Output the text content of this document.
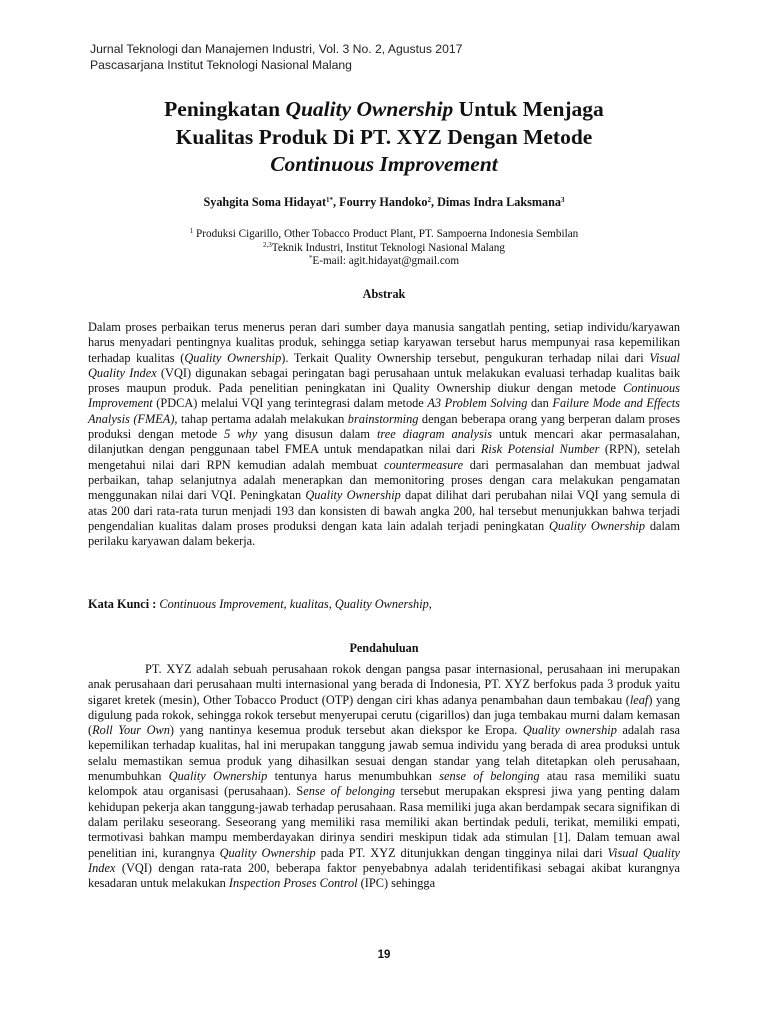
Jurnal Teknologi dan Manajemen Industri, Vol. 3 No. 2, Agustus 2017
Pascasarjana Institut Teknologi Nasional Malang
Peningkatan Quality Ownership Untuk Menjaga
Kualitas Produk Di PT. XYZ Dengan Metode
Continuous Improvement
Syahgita Soma Hidayat$^{1*}$, Fourry Handoko$^2$, Dimas Indra Laksmana$^3$
$^1$ Produksi Cigarillo, Other Tobacco Product Plant, PT. Sampoerna Indonesia Sembilan
$^{2,3}$Teknik Industri, Institut Teknologi Nasional Malang
*E-mail: agit.hidayat@gmail.com
Abstrak
Dalam proses perbaikan terus menerus peran dari sumber daya manusia sangatlah penting, setiap individu/karyawan harus menyadari pentingnya kualitas produk, sehingga setiap karyawan tersebut harus mempunyai rasa kepemilikan terhadap kualitas (Quality Ownership). Terkait Quality Ownership tersebut, pengukuran terhadap nilai dari Visual Quality Index (VQI) digunakan sebagai peringatan bagi perusahaan untuk melakukan evaluasi terhadap kualitas baik proses maupun produk. Pada penelitian peningkatan ini Quality Ownership diukur dengan metode Continuous Improvement (PDCA) melalui VQI yang terintegrasi dalam metode A3 Problem Solving dan Failure Mode and Effects Analysis (FMEA), tahap pertama adalah melakukan brainstorming dengan beberapa orang yang berperan dalam proses produksi dengan metode 5 why yang disusun dalam tree diagram analysis untuk mencari akar permasalahan, dilanjutkan dengan penggunaan tabel FMEA untuk mendapatkan nilai dari Risk Potensial Number (RPN), setelah mengetahui nilai dari RPN kemudian adalah membuat countermeasure dari permasalahan dan membuat jadwal perbaikan, tahap selanjutnya adalah menerapkan dan memonitoring proses dengan cara melakukan pengamatan menggunakan nilai dari VQI. Peningkatan Quality Ownership dapat dilihat dari perubahan nilai VQI yang semula di atas 200 dari rata-rata turun menjadi 193 dan konsisten di bawah angka 200, hal tersebut menunjukkan bahwa terjadi pengendalian kualitas dalam proses produksi dengan kata lain adalah terjadi peningkatan Quality Ownership dalam perilaku karyawan dalam bekerja.
Kata Kunci : Continuous Improvement, kualitas, Quality Ownership,
Pendahuluan
PT. XYZ adalah sebuah perusahaan rokok dengan pangsa pasar internasional, perusahaan ini merupakan anak perusahaan dari perusahaan multi internasional yang berada di Indonesia, PT. XYZ berfokus pada 3 produk yaitu sigaret kretek (mesin), Other Tobacco Product (OTP) dengan ciri khas adanya penambahan daun tembakau (leaf) yang digulung pada rokok, sehingga rokok tersebut menyerupai cerutu (cigarillos) dan juga tembakau murni dalam kemasan (Roll Your Own) yang nantinya kesemua produk tersebut akan diekspor ke Eropa. Quality ownership adalah rasa kepemilikan terhadap kualitas, hal ini merupakan tanggung jawab semua individu yang berada di area produksi untuk selalu memastikan semua produk yang dihasilkan sesuai dengan standar yang telah ditetapkan oleh perusahaan, menumbuhkan Quality Ownership tentunya harus menumbuhkan sense of belonging atau rasa memiliki suatu kelompok atau organisasi (perusahaan). Sense of belonging tersebut merupakan ekspresi jiwa yang penting dalam kehidupan pekerja akan tanggung-jawab terhadap perusahaan. Rasa memiliki juga akan berdampak secara signifikan di dalam perilaku seseorang. Seseorang yang memiliki rasa memiliki akan bertindak peduli, terikat, memiliki empati, termotivasi bahkan mampu memberdayakan dirinya sendiri meskipun tidak ada stimulan [1]. Dalam temuan awal penelitian ini, kurangnya Quality Ownership pada PT. XYZ ditunjukkan dengan tingginya nilai dari Visual Quality Index (VQI) dengan rata-rata 200, beberapa faktor penyebabnya adalah teridentifikasi sebagai akibat kurangnya kesadaran untuk melakukan Inspection Proses Control (IPC) sehingga
19
